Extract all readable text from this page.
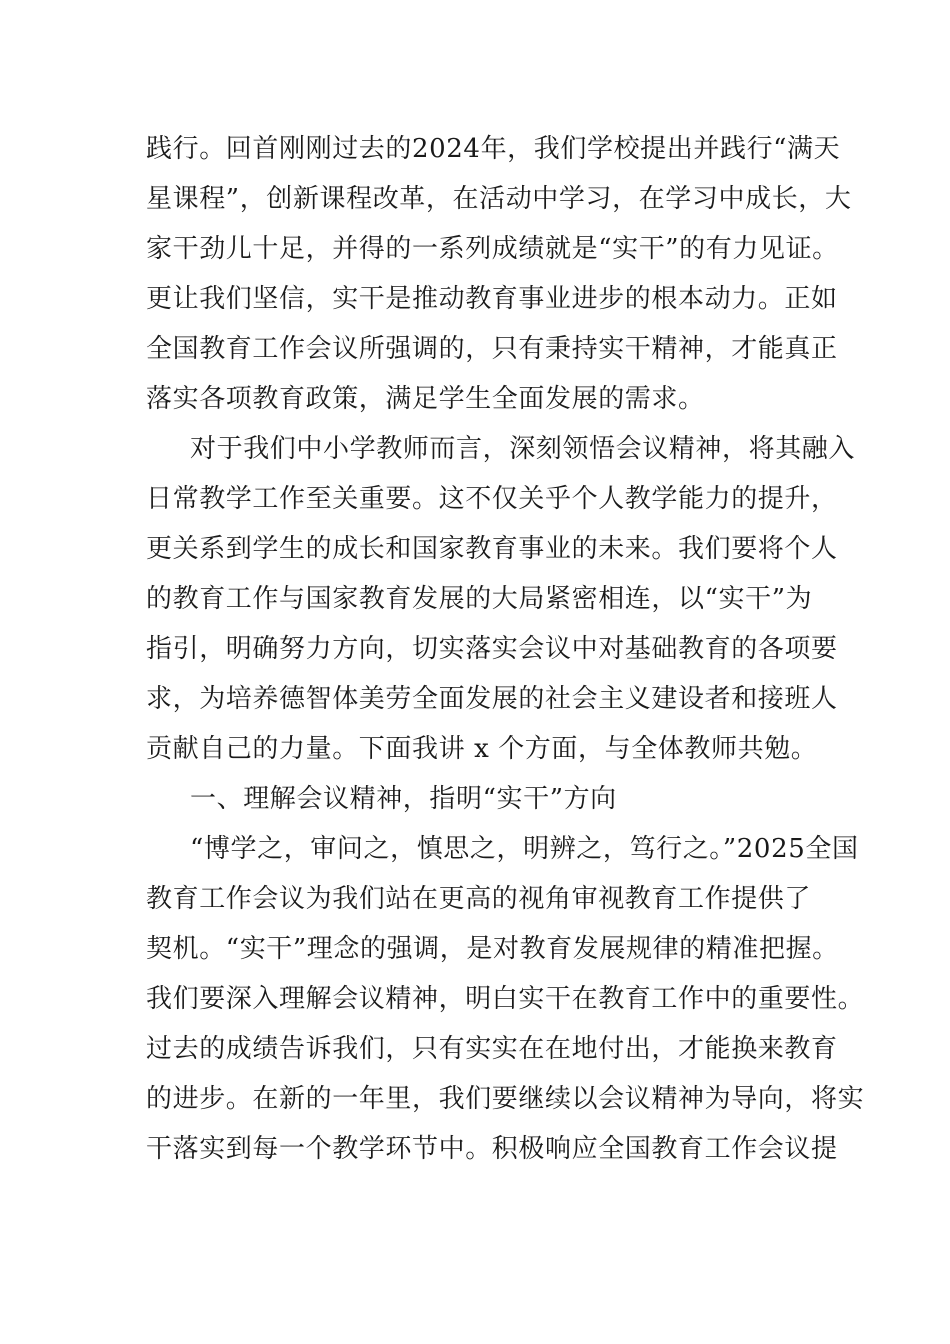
践行。回首刚刚过去的2024年，我们学校提出并践行“满天
星课程”，创新课程改革，在活动中学习，在学习中成长，大
家干劲儿十足，并得的一系列成绩就是“实干”的有力见证。
更让我们坚信，实干是推动教育事业进步的根本动力。正如
全国教育工作会议所强调的，只有秉持实干精神，才能真正
落实各项教育政策，满足学生全面发展的需求。
对于我们中小学教师而言，深刻领悟会议精神，将其融入
日常教学工作至关重要。这不仅关乎个人教学能力的提升，
更关系到学生的成长和国家教育事业的未来。我们要将个人
的教育工作与国家教育发展的大局紧密相连，以“实干”为
指引，明确努力方向，切实落实会议中对基础教育的各项要
求，为培养德智体美劳全面发展的社会主义建设者和接班人
贡献自己的力量。下面我讲 x 个方面，与全体教师共勉。
一、理解会议精神，指明“实干”方向
“博学之，审问之，慎思之，明辨之，笃行之。”2025全国
教育工作会议为我们站在更高的视角审视教育工作提供了
契机。“实干”理念的强调，是对教育发展规律的精准把握。
我们要深入理解会议精神，明白实干在教育工作中的重要性。
过去的成绩告诉我们，只有实实在在地付出，才能换来教育
的进步。在新的一年里，我们要继续以会议精神为导向，将实
干落实到每一个教学环节中。积极响应全国教育工作会议提
